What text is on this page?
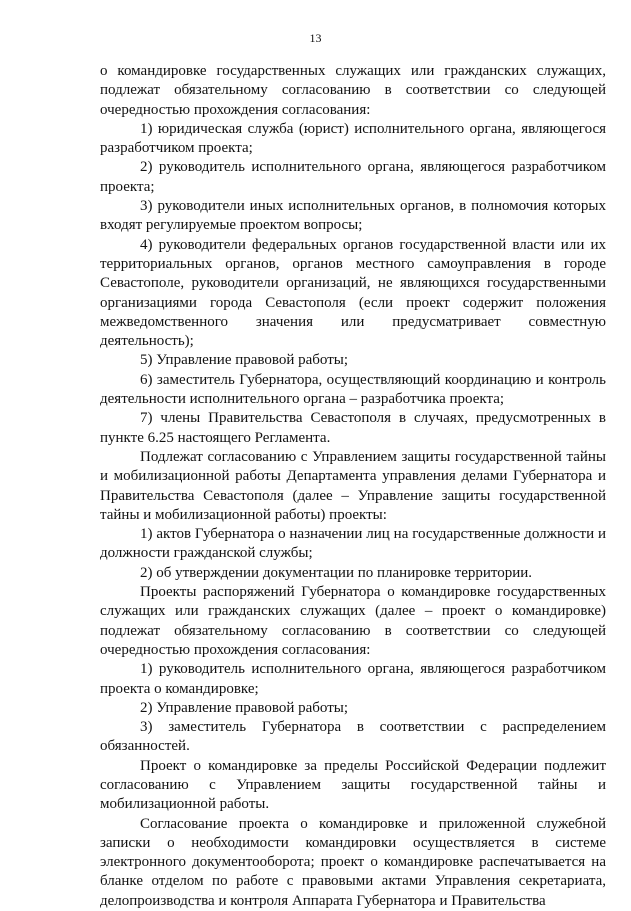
13

о командировке государственных служащих или гражданских служащих, подлежат обязательному согласованию в соответствии со следующей очередностью прохождения согласования:

1) юридическая служба (юрист) исполнительного органа, являющегося разработчиком проекта;

2) руководитель исполнительного органа, являющегося разработчиком проекта;

3) руководители иных исполнительных органов, в полномочия которых входят регулируемые проектом вопросы;

4) руководители федеральных органов государственной власти или их территориальных органов, органов местного самоуправления в городе Севастополе, руководители организаций, не являющихся государственными организациями города Севастополя (если проект содержит положения межведомственного значения или предусматривает совместную деятельность);

5) Управление правовой работы;

6) заместитель Губернатора, осуществляющий координацию и контроль деятельности исполнительного органа – разработчика проекта;

7) члены Правительства Севастополя в случаях, предусмотренных в пункте 6.25 настоящего Регламента.

Подлежат согласованию с Управлением защиты государственной тайны и мобилизационной работы Департамента управления делами Губернатора и Правительства Севастополя (далее – Управление защиты государственной тайны и мобилизационной работы) проекты:

1) актов Губернатора о назначении лиц на государственные должности и должности гражданской службы;

2) об утверждении документации по планировке территории.

Проекты распоряжений Губернатора о командировке государственных служащих или гражданских служащих (далее – проект о командировке) подлежат обязательному согласованию в соответствии со следующей очередностью прохождения согласования:

1) руководитель исполнительного органа, являющегося разработчиком проекта о командировке;

2) Управление правовой работы;

3) заместитель Губернатора в соответствии с распределением обязанностей.

Проект о командировке за пределы Российской Федерации подлежит согласованию с Управлением защиты государственной тайны и мобилизационной работы.

Согласование проекта о командировке и приложенной служебной записки о необходимости командировки осуществляется в системе электронного документооборота; проект о командировке распечатывается на бланке отделом по работе с правовыми актами Управления секретариата, делопроизводства и контроля Аппарата Губернатора и Правительства
